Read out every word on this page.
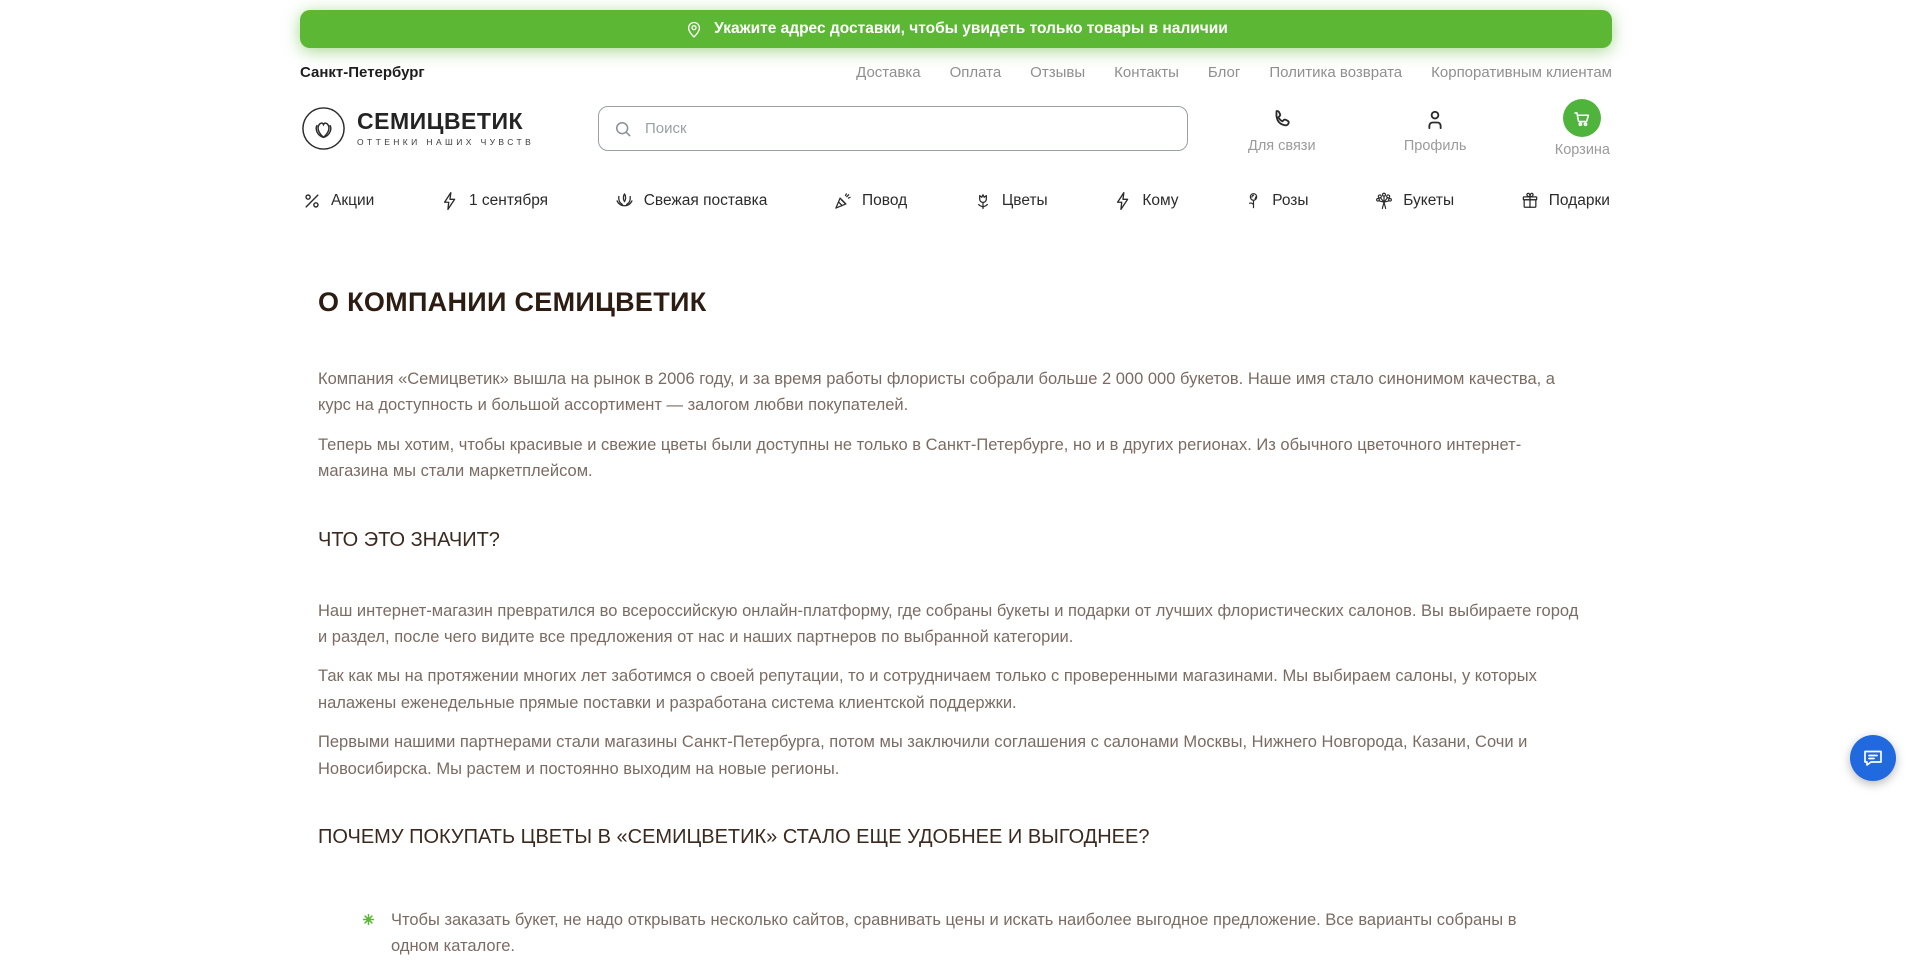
Укажите адрес доставки, чтобы увидеть только товары в наличии
Санкт-Петербург	Доставка Оплата Отзывы Контакты Блог Политика возврата Корпоративным клиентам
СЕМИЦВЕТИК
ОТТЕНКИ НАШИХ ЧУВСТВ
Поиск	Для связи	Профиль	Корзина
Акции	1 сентября	Свежая поставка	Повод	Цветы	Кому	Розы	Букеты	Подарки
О КОМПАНИИ СЕМИЦВЕТИК

Компания «Семицветик» вышла на рынок в 2006 году, и за время работы флористы собрали больше 2 000 000 букетов. Наше имя стало синонимом качества, а курс на доступность и большой ассортимент — залогом любви покупателей.

Теперь мы хотим, чтобы красивые и свежие цветы были доступны не только в Санкт-Петербурге, но и в других регионах. Из обычного цветочного интернет-магазина мы стали маркетплейсом.

ЧТО ЭТО ЗНАЧИТ?

Наш интернет-магазин превратился во всероссийскую онлайн-платформу, где собраны букеты и подарки от лучших флористических салонов. Вы выбираете город и раздел, после чего видите все предложения от нас и наших партнеров по выбранной категории.

Так как мы на протяжении многих лет заботимся о своей репутации, то и сотрудничаем только с проверенными магазинами. Мы выбираем салоны, у которых налажены еженедельные прямые поставки и разработана система клиентской поддержки.

Первыми нашими партнерами стали магазины Санкт-Петербурга, потом мы заключили соглашения с салонами Москвы, Нижнего Новгорода, Казани, Сочи и Новосибирска. Мы растем и постоянно выходим на новые регионы.

ПОЧЕМУ ПОКУПАТЬ ЦВЕТЫ В «СЕМИЦВЕТИК» СТАЛО ЕЩЕ УДОБНЕЕ И ВЫГОДНЕЕ?

Чтобы заказать букет, не надо открывать несколько сайтов, сравнивать цены и искать наиболее выгодное предложение. Все варианты собраны в одном каталоге.
